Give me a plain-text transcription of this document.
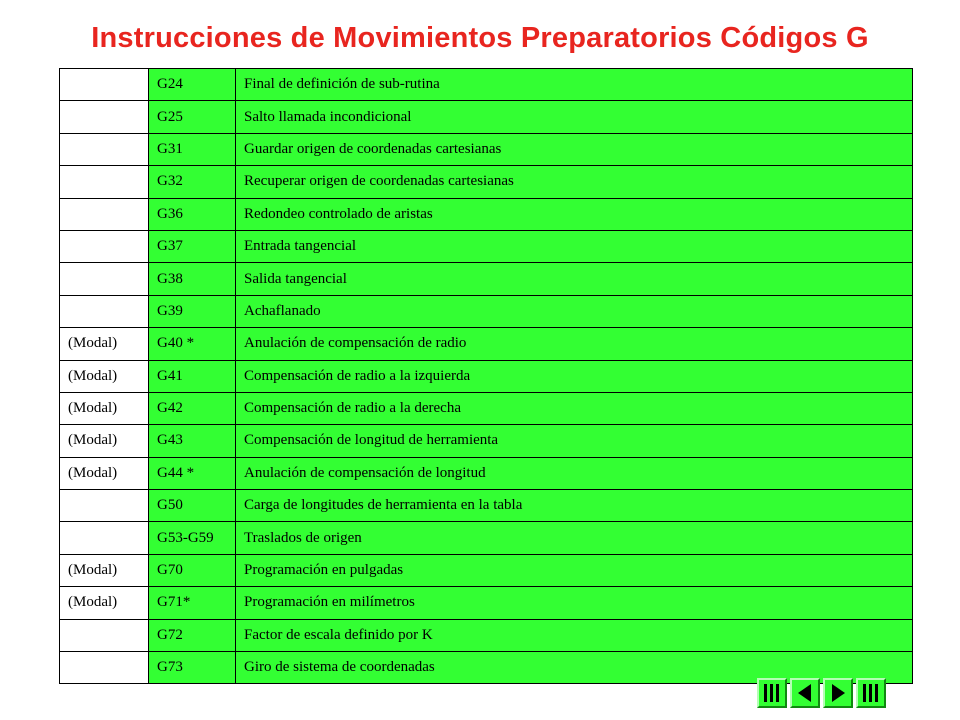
Instrucciones de Movimientos Preparatorios Códigos G
	G24	Final de definición de sub-rutina
	G25	Salto llamada incondicional
	G31	Guardar origen de coordenadas cartesianas
	G32	Recuperar origen de coordenadas cartesianas
	G36	Redondeo controlado de aristas
	G37	Entrada tangencial
	G38	Salida tangencial
	G39	Achaflanado
(Modal)	G40 *	Anulación de compensación de radio
(Modal)	G41	Compensación de radio a la izquierda
(Modal)	G42	Compensación de radio a la derecha
(Modal)	G43	Compensación de longitud de herramienta
(Modal)	G44 *	Anulación de compensación de longitud
	G50	Carga de longitudes de herramienta en la tabla
	G53-G59	Traslados de origen
(Modal)	G70	Programación en pulgadas
(Modal)	G71*	Programación en milímetros
	G72	Factor de escala definido por K
	G73	Giro de sistema de coordenadas
